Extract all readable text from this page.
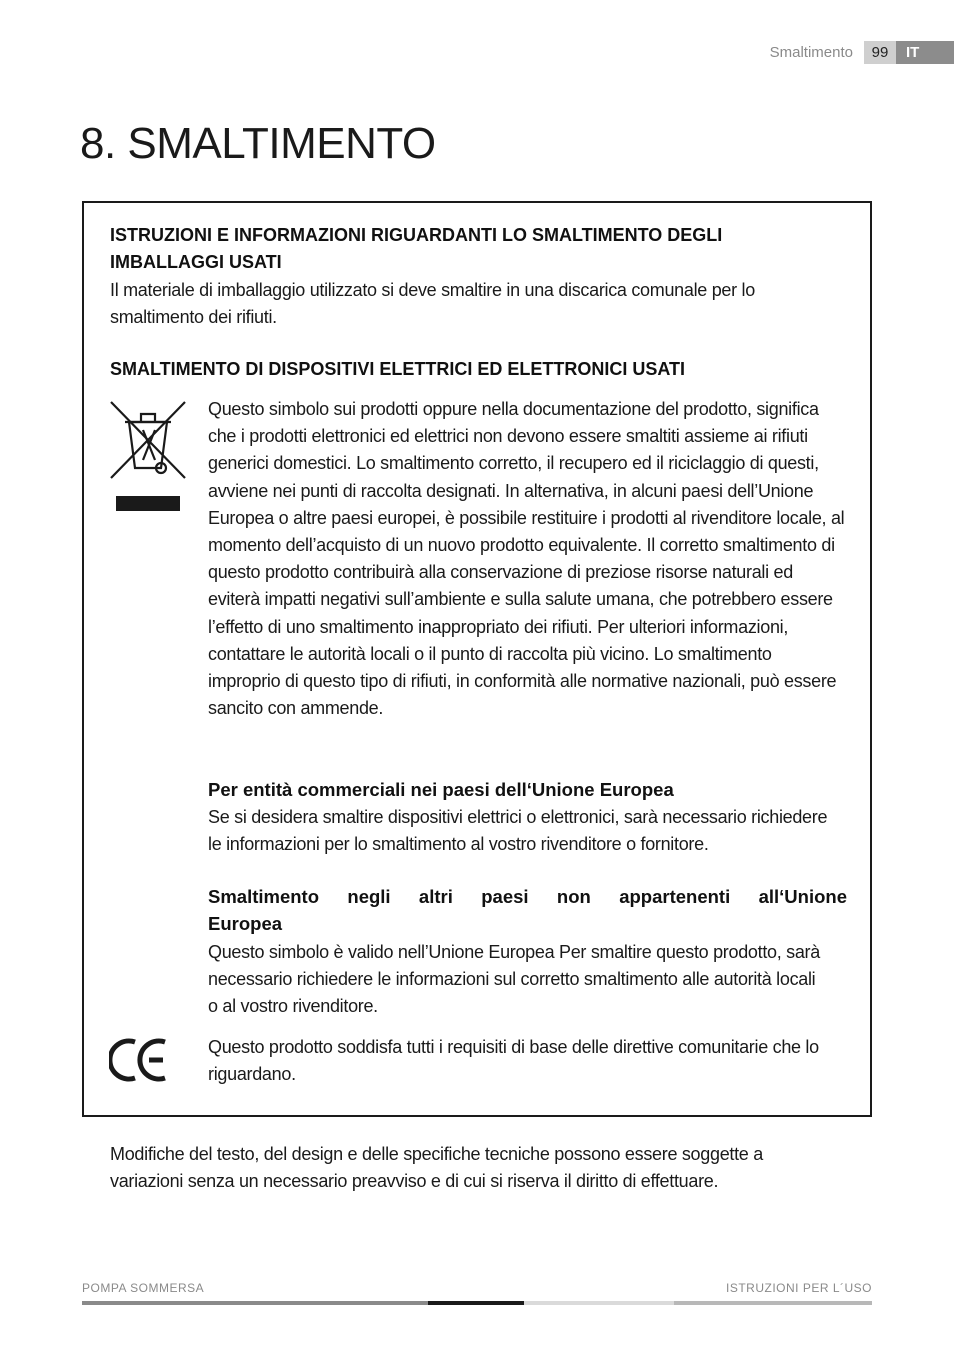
Smaltimento	99	IT
8. SMALTIMENTO

ISTRUZIONI E INFORMAZIONI RIGUARDANTI LO SMALTIMENTO DEGLI IMBALLAGGI USATI

Il materiale di imballaggio utilizzato si deve smaltire in una discarica comunale per lo smaltimento dei rifiuti.

SMALTIMENTO DI DISPOSITIVI ELETTRICI ED ELETTRONICI USATI

Questo simbolo sui prodotti oppure nella documentazione del prodotto, significa che i prodotti elettronici ed elettrici non devono essere smaltiti assieme ai rifiuti generici domestici. Lo smaltimento corretto, il recupero ed il riciclaggio di questi, avviene nei punti di raccolta designati. In alternativa, in alcuni paesi dell’Unione Europea o altre paesi europei, è possibile restituire i prodotti al rivenditore locale, al momento dell’acquisto di un nuovo prodotto equivalente. Il corretto smaltimento di questo prodotto contribuirà alla conservazione di preziose risorse naturali ed eviterà impatti negativi sull’ambiente e sulla salute umana, che potrebbero essere l’effetto di uno smaltimento inappropriato dei rifiuti. Per ulteriori informazioni, contattare le autorità locali o il punto di raccolta più vicino. Lo smaltimento improprio di questo tipo di rifiuti, in conformità alle normative nazionali, può essere sancito con ammende.

Per entità commerciali nei paesi dell‘Unione Europea

Se si desidera smaltire dispositivi elettrici o elettronici, sarà necessario richiedere le informazioni per lo smaltimento al vostro rivenditore o fornitore.

Smaltimento negli altri paesi non appartenenti all‘Unione

Europea

Questo simbolo è valido nell’Unione Europea Per smaltire questo prodotto, sarà necessario richiedere le informazioni sul corretto smaltimento alle autorità locali o al vostro rivenditore.

Questo prodotto soddisfa tutti i requisiti di base delle direttive comunitarie che lo riguardano.

Modifiche del testo, del design e delle specifiche tecniche possono essere soggette a variazioni senza un necessario preavviso e di cui si riserva il diritto di effettuare.

POMPA SOMMERSA	ISTRUZIONI PER L´USO
